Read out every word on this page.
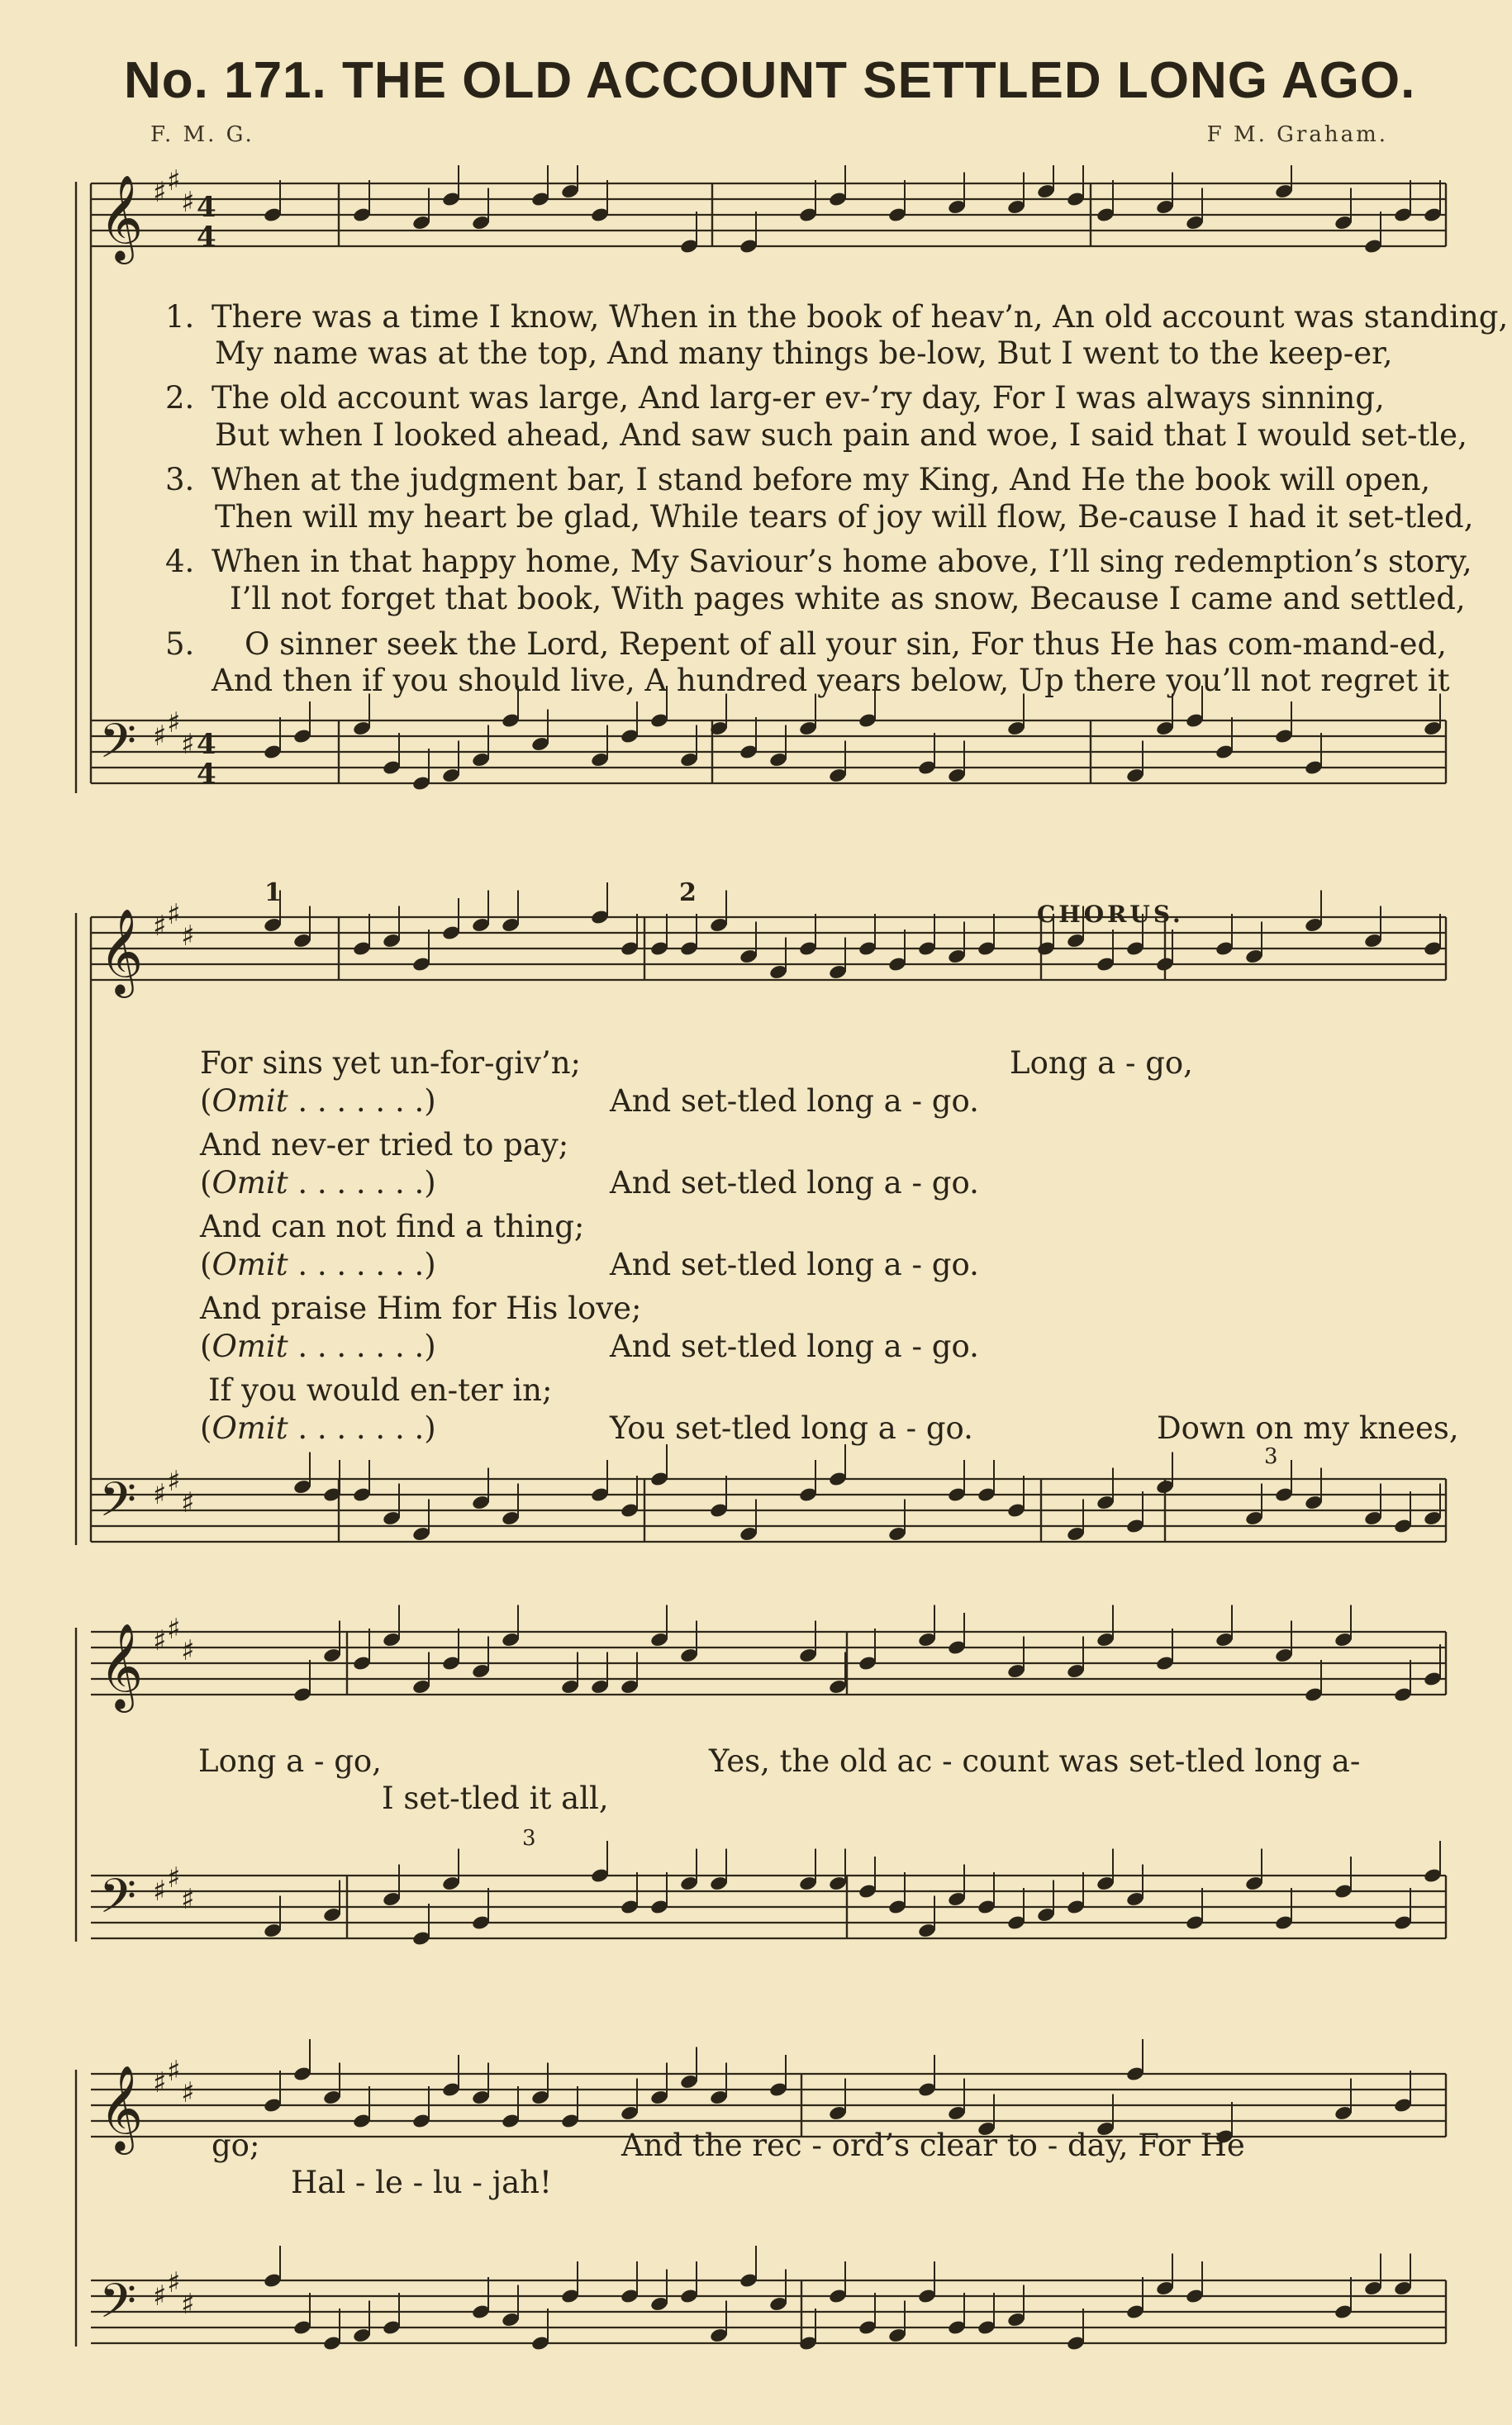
No. 171. THE OLD ACCOUNT SETTLED LONG AGO.
F. M. G.	F M. Graham.
𝄞 ♯ ♯
♯ 4
4
𝄢 ♯ ♯
♯ 4
4
𝄞 ♯ ♯
♯
𝄢 ♯ ♯
♯
𝄞 ♯ ♯
♯
𝄢 ♯ ♯
♯
𝄞 ♯ ♯
♯
𝄢 ♯ ♯
♯
1. There was a time I know, When in the book of heav’n, An old account was standing,
My name was at the top, And many things be-low, But I went to the keep-er,
2. The old account was large, And larg-er ev-’ry day, For I was always sinning,
But when I looked ahead, And saw such pain and woe, I said that I would set-tle,
3. When at the judgment bar, I stand before my King, And He the book will open,
Then will my heart be glad, While tears of joy will flow, Be-cause I had it set-tled,
4. When in that happy home, My Saviour’s home above, I’ll sing redemption’s story,
I’ll not forget that book, With pages white as snow, Because I came and settled,
5. O sinner seek the Lord, Repent of all your sin, For thus He has com-mand-ed,
And then if you should live, A hundred years below, Up there you’ll not regret it
1	2
CHORUS.
Long a - go,
For sins yet un-for-giv’n;
(Omit . . . . . . .)	And set-tled long a - go.
And nev-er tried to pay;
(Omit . . . . . . .)	And set-tled long a - go.
And can not find a thing;
(Omit . . . . . . .)	And set-tled long a - go.
And praise Him for His love;
(Omit . . . . . . .)	And set-tled long a - go.
If you would en-ter in;
(Omit . . . . . . .)	You set-tled long a - go.	Down on my knees,
3
Long a - go,	Yes, the old ac - count was set-tled long a-
I set-tled it all,
3
go;	And the rec - ord’s clear to - day, For He
Hal - le - lu - jah!
